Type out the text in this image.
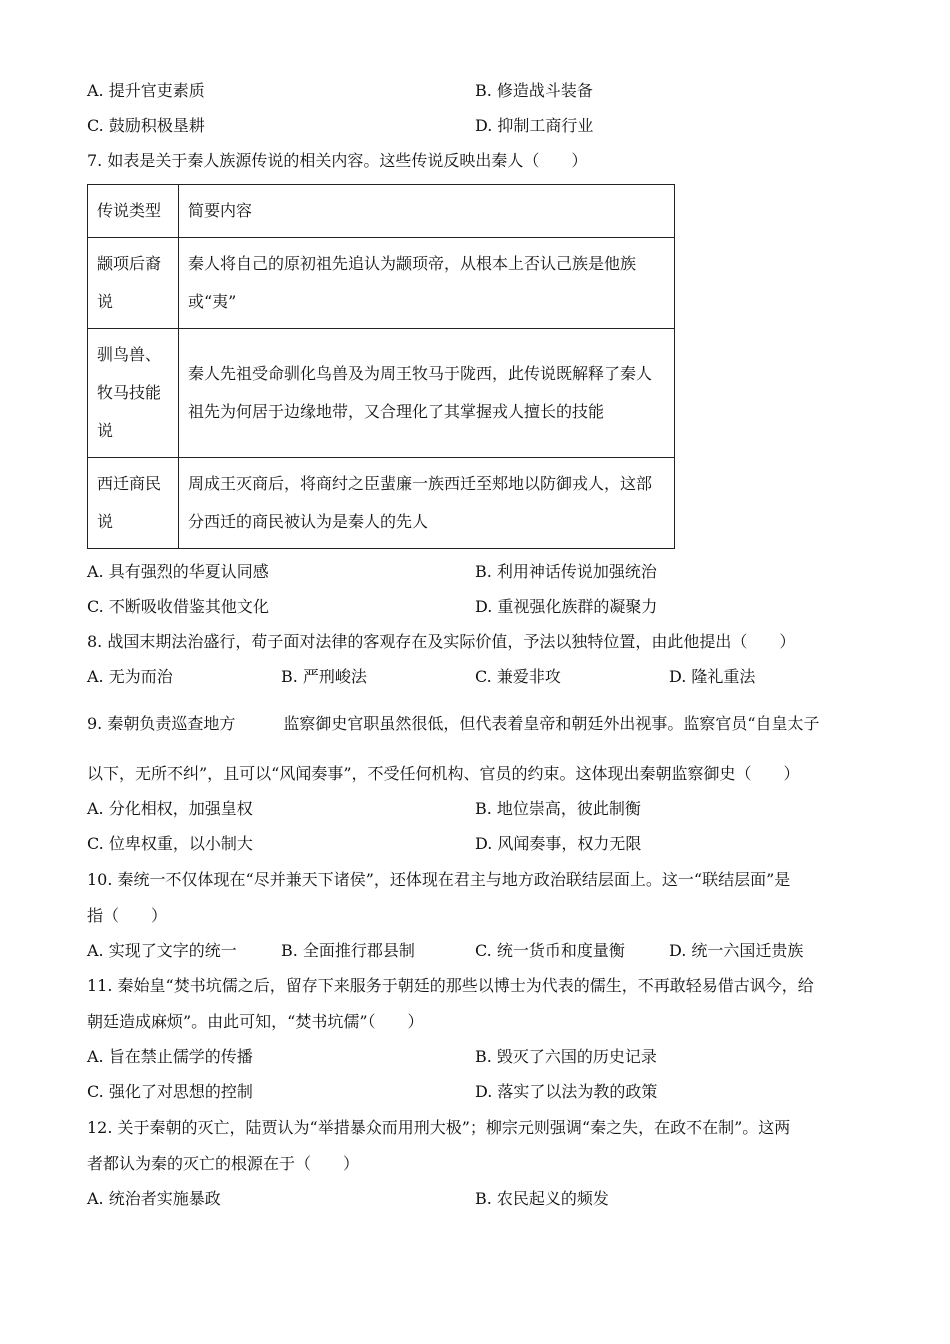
A. 提升官吏素质	B. 修造战斗装备
C. 鼓励积极垦耕	D. 抑制工商行业
7. 如表是关于秦人族源传说的相关内容。这些传说反映出秦人（　　）
传说类型	简要内容
颛项后裔说	秦人将自己的原初祖先追认为颛顼帝，从根本上否认己族是他族或“夷”
驯鸟兽、牧马技能说	秦人先祖受命驯化鸟兽及为周王牧马于陇西，此传说既解释了秦人祖先为何居于边缘地带，又合理化了其掌握戎人擅长的技能
西迁商民说	周成王灭商后，将商纣之臣蜚廉一族西迁至郏地以防御戎人，这部分西迁的商民被认为是秦人的先人
A. 具有强烈的华夏认同感	B. 利用神话传说加强统治
C. 不断吸收借鉴其他文化	D. 重视强化族群的凝聚力
8. 战国末期法治盛行，荀子面对法律的客观存在及实际价值，予法以独特位置，由此他提出（　　）
A. 无为而治	B. 严刑峻法	C. 兼爱非攻	D. 隆礼重法
9. 秦朝负责巡查地方　　　监察御史官职虽然很低，但代表着皇帝和朝廷外出视事。监察官员“自皇太子
以下，无所不纠”，且可以“风闻奏事”，不受任何机构、官员的约束。这体现出秦朝监察御史（　　）
A. 分化相权，加强皇权	B. 地位崇高，彼此制衡
C. 位卑权重，以小制大	D. 风闻奏事，权力无限
10. 秦统一不仅体现在“尽并兼天下诸侯”，还体现在君主与地方政治联结层面上。这一“联结层面”是
指（　　）
A. 实现了文字的统一	B. 全面推行郡县制	C. 统一货币和度量衡	D. 统一六国迁贵族
11. 秦始皇“焚书坑儒之后，留存下来服务于朝廷的那些以博士为代表的儒生，不再敢轻易借古讽今，给
朝廷造成麻烦”。由此可知，“焚书坑儒”（　　）
A. 旨在禁止儒学的传播	B. 毁灭了六国的历史记录
C. 强化了对思想的控制	D. 落实了以法为教的政策
12. 关于秦朝的灭亡，陆贾认为“举措暴众而用刑大极”；柳宗元则强调“秦之失，在政不在制”。这两
者都认为秦的灭亡的根源在于（　　）
A. 统治者实施暴政	B. 农民起义的频发
